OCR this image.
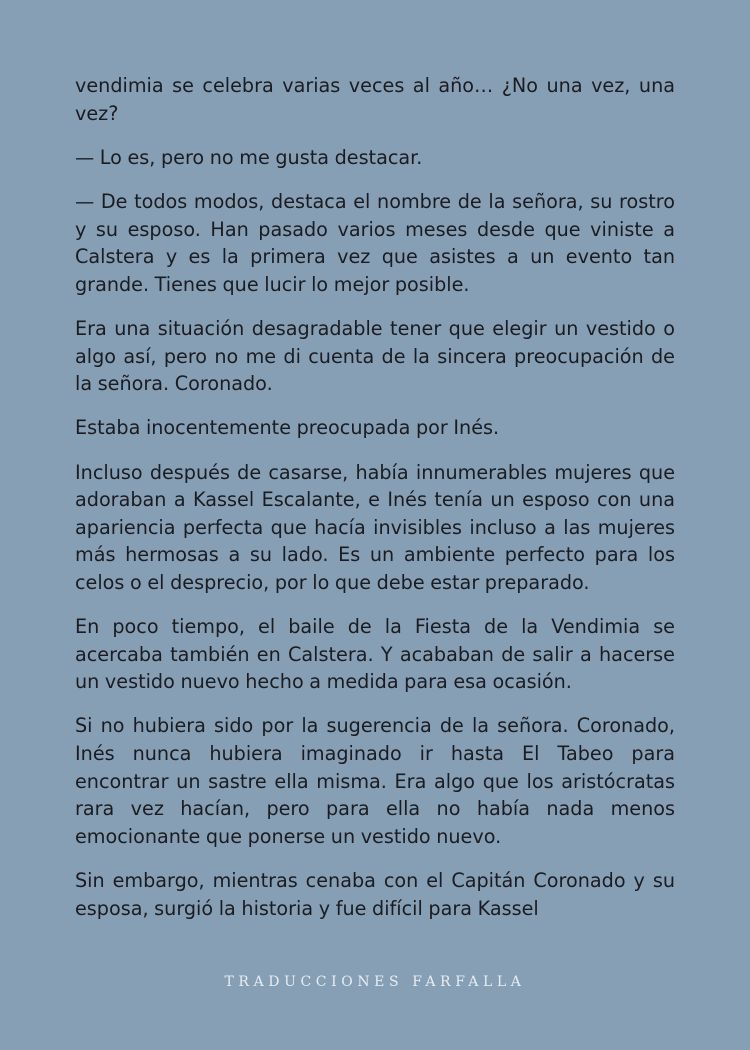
vendimia se celebra varias veces al año… ¿No una vez, una vez?

— Lo es, pero no me gusta destacar.

— De todos modos, destaca el nombre de la señora, su rostro y su esposo. Han pasado varios meses desde que viniste a Calstera y es la primera vez que asistes a un evento tan grande. Tienes que lucir lo mejor posible.

Era una situación desagradable tener que elegir un vestido o algo así, pero no me di cuenta de la sincera preocupación de la señora. Coronado.

Estaba inocentemente preocupada por Inés.

Incluso después de casarse, había innumerables mujeres que adoraban a Kassel Escalante, e Inés tenía un esposo con una apariencia perfecta que hacía invisibles incluso a las mujeres más hermosas a su lado. Es un ambiente perfecto para los celos o el desprecio, por lo que debe estar preparado.

En poco tiempo, el baile de la Fiesta de la Vendimia se acercaba también en Calstera. Y acababan de salir a hacerse un vestido nuevo hecho a medida para esa ocasión.

Si no hubiera sido por la sugerencia de la señora. Coronado, Inés nunca hubiera imaginado ir hasta El Tabeo para encontrar un sastre ella misma. Era algo que los aristócratas rara vez hacían, pero para ella no había nada menos emocionante que ponerse un vestido nuevo.

Sin embargo, mientras cenaba con el Capitán Coronado y su esposa, surgió la historia y fue difícil para Kassel

TRADUCCIONES FARFALLA
